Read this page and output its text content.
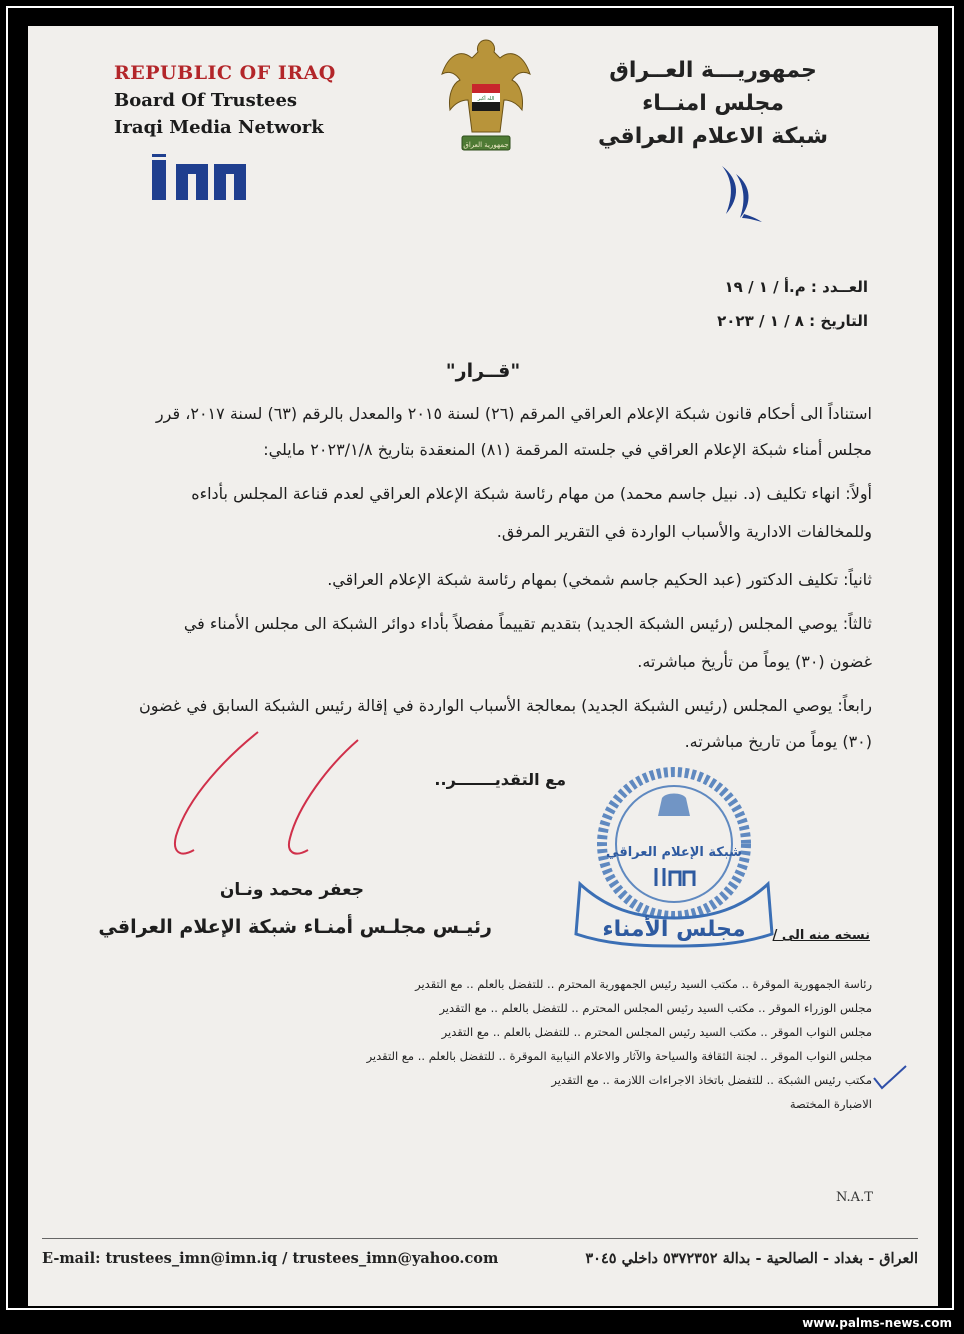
REPUBLIC OF IRAQ
Board Of Trustees
Iraqi Media Network
جمهورية العراق
الله أكبر
جمهوريـــة العــراق
مجلس امنــاء
شبكة الاعلام العراقي
العــدد : م.أ / ١ / ١٩
التاريخ : ٨ / ١ / ٢٠٢٣
"قــرار"
استناداً الى أحكام قانون شبكة الإعلام العراقي المرقم (٢٦) لسنة ٢٠١٥ والمعدل بالرقم (٦٣) لسنة ٢٠١٧، قرر
مجلس أمناء شبكة الإعلام العراقي في جلسته المرقمة (٨١) المنعقدة بتاريخ ٢٠٢٣/١/٨ مايلي:
أولاً: انهاء تكليف (د. نبيل جاسم محمد) من مهام رئاسة شبكة الإعلام العراقي لعدم قناعة المجلس بأداءه
وللمخالفات الادارية والأسباب الواردة في التقرير المرفق.
ثانياً: تكليف الدكتور (عبد الحكيم جاسم شمخي) بمهام رئاسة شبكة الإعلام العراقي.
ثالثاً: يوصي المجلس (رئيس الشبكة الجديد) بتقديم تقييماً مفصلاً بأداء دوائر الشبكة الى مجلس الأمناء في
غضون (٣٠) يوماً من تأريخ مباشرته.
رابعاً: يوصي المجلس (رئيس الشبكة الجديد) بمعالجة الأسباب الواردة في إقالة رئيس الشبكة السابق في غضون
(٣٠) يوماً من تاريخ مباشرته.
مع التقديـــــــر..
جعفر محمد ونـان
رئيـس مجلـس أمنـاء شبكة الإعلام العراقي
شبكة الإعلام العراقي
مجلس الأمناء نسخه منه الى /
رئاسة الجمهورية الموقرة .. مكتب السيد رئيس الجمهورية المحترم .. للتفضل بالعلم .. مع التقدير
مجلس الوزراء الموقر .. مكتب السيد رئيس المجلس المحترم .. للتفضل بالعلم .. مع التقدير
مجلس النواب الموقر .. مكتب السيد رئيس المجلس المحترم .. للتفضل بالعلم .. مع التقدير
مجلس النواب الموقر .. لجنة الثقافة والسياحة والآثار والاعلام النيابية الموقرة .. للتفضل بالعلم .. مع التقدير
مكتب رئيس الشبكة .. للتفضل باتخاذ الاجراءات اللازمة .. مع التقدير
الاضبارة المختصة
N.A.T
E-mail: trustees_imn@imn.iq / trustees_imn@yahoo.com	العراق - بغداد - الصالحية - بدالة ٥٣٧٢٣٥٢ داخلي ٣٠٤٥
www.palms-news.com
